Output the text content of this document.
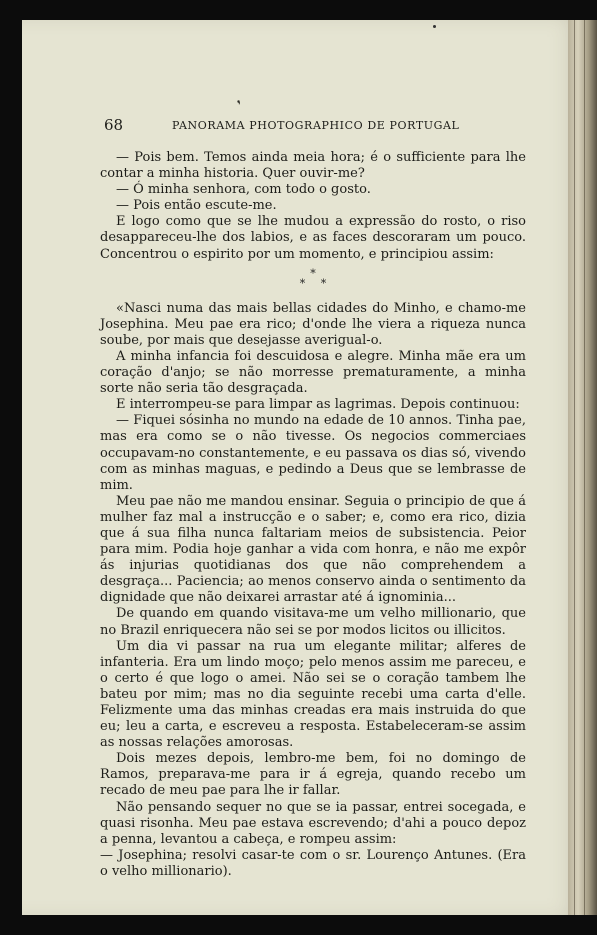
❜
68	PANORAMA PHOTOGRAPHICO DE PORTUGAL

— Pois bem. Temos ainda meia hora; é o sufficiente para lhe contar a minha historia. Quer ouvir-me?

— Ó minha senhora, com todo o gosto.

— Pois então escute-me.

E logo como que se lhe mudou a expressão do rosto, o riso desappareceu-lhe dos labios, e as faces descoraram um pouco. Concentrou o espirito por um momento, e principiou assim:

*
* *

«Nasci numa das mais bellas cidades do Minho, e chamo-me Josephina. Meu pae era rico; d'onde lhe viera a riqueza nunca soube, por mais que desejasse averigual-o.

A minha infancia foi descuidosa e alegre. Minha mãe era um coração d'anjo; se não morresse prematuramente, a minha sorte não seria tão desgraçada.

E interrompeu-se para limpar as lagrimas. Depois continuou:

— Fiquei sósinha no mundo na edade de 10 annos. Tinha pae, mas era como se o não tivesse. Os negocios commerciaes occupavam-no constantemente, e eu passava os dias só, vivendo com as minhas maguas, e pedindo a Deus que se lembrasse de mim.

Meu pae não me mandou ensinar. Seguia o principio de que á mulher faz mal a instrucção e o saber; e, como era rico, dizia que á sua filha nunca faltariam meios de subsistencia. Peior para mim. Podia hoje ganhar a vida com honra, e não me expôr ás injurias quotidianas dos que não comprehendem a desgraça... Paciencia; ao menos conservo ainda o sentimento da dignidade que não deixarei arrastar até á ignominia...

De quando em quando visitava-me um velho millionario, que no Brazil enriquecera não sei se por modos licitos ou illicitos.

Um dia vi passar na rua um elegante militar; alferes de infanteria. Era um lindo moço; pelo menos assim me pareceu, e o certo é que logo o amei. Não sei se o coração tambem lhe bateu por mim; mas no dia seguinte recebi uma carta d'elle. Felizmente uma das minhas creadas era mais instruida do que eu; leu a carta, e escreveu a resposta. Estabeleceram-se assim as nossas relações amorosas.

Dois mezes depois, lembro-me bem, foi no domingo de Ramos, preparava-me para ir á egreja, quando recebo um recado de meu pae para lhe ir fallar.

Não pensando sequer no que se ia passar, entrei socegada, e quasi risonha. Meu pae estava escrevendo; d'ahi a pouco depoz a penna, levantou a cabeça, e rompeu assim:

— Josephina; resolvi casar-te com o sr. Lourenço Antunes. (Era o velho millionario).
